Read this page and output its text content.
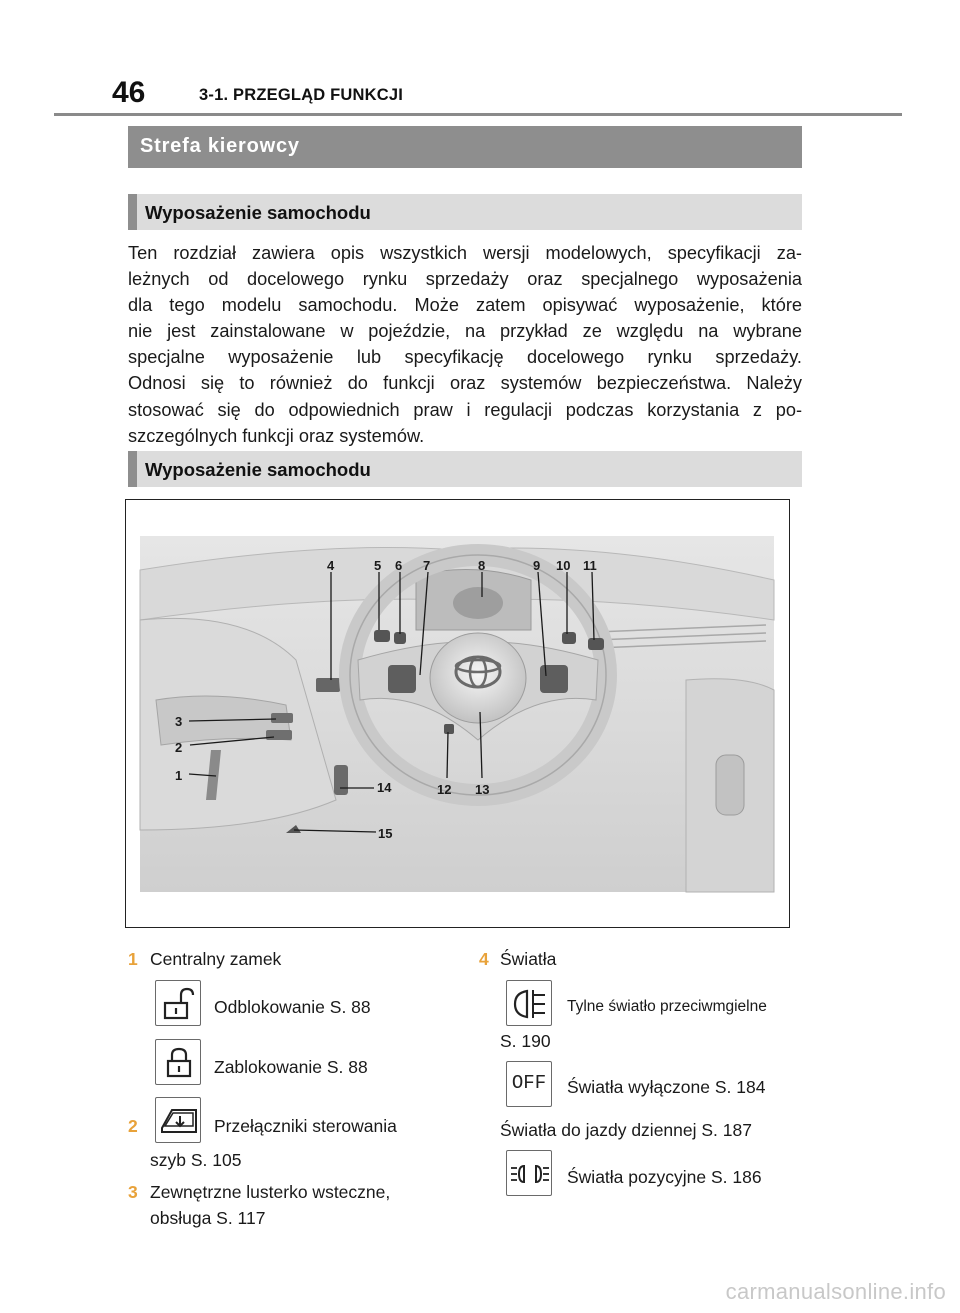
46	3-1. PRZEGLĄD FUNKCJI
Strefa kierowcy
Wyposażenie samochodu
Ten rozdział zawiera opis wszystkich wersji modelowych, specyfikacji za-
leżnych od docelowego rynku sprzedaży oraz specjalnego wyposażenia
dla tego modelu samochodu. Może zatem opisywać wyposażenie, które
nie jest zainstalowane w pojeździe, na przykład ze względu na wybrane
specjalne wyposażenie lub specyfikację docelowego rynku sprzedaży.
Odnosi się to również do funkcji oraz systemów bezpieczeństwa. Należy
stosować się do odpowiednich praw i regulacji podczas korzystania z po-
szczególnych funkcji oraz systemów.
Wyposażenie samochodu
4	5 6 7	8	9 10 11
3
2
1
12 13
14
15
1 Centralny zamek
Odblokowanie S. 88
Zablokowanie S. 88
2	Przełączniki sterowania
szyb S. 105
3 Zewnętrzne lusterko wsteczne,
obsługa S. 117
4 Światła
Tylne światło przeciwmgielne
S. 190
OFF Światła wyłączone S. 184
Światła do jazdy dziennej S. 187
Światła pozycyjne S. 186
carmanualsonline.info
